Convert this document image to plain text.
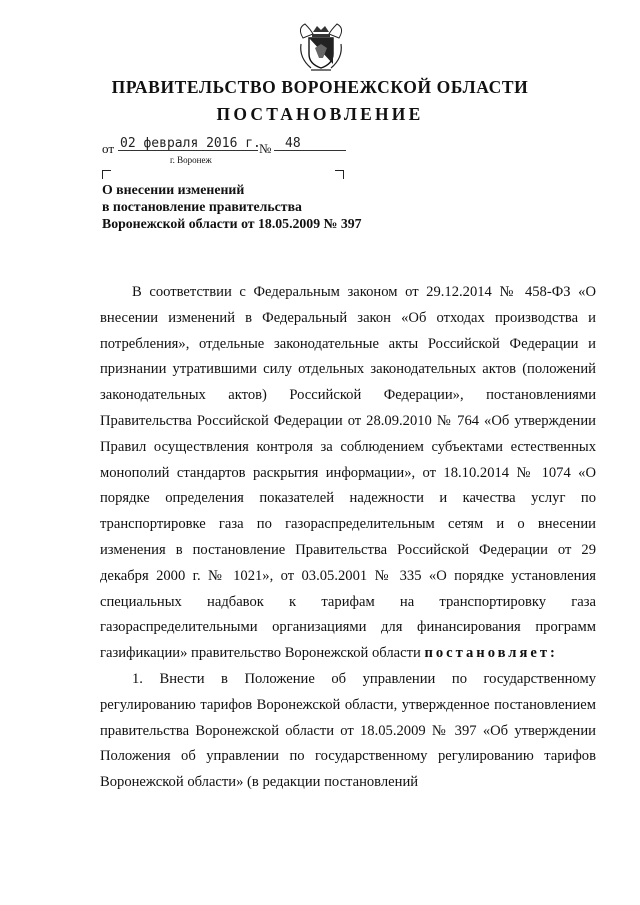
ПРАВИТЕЛЬСТВО ВОРОНЕЖСКОЙ ОБЛАСТИ
ПОСТАНОВЛЕНИЕ
от 02 февраля 2016 г.
№ 48
г. Воронеж
О внесении изменений
в постановление правительства
Воронежской области от 18.05.2009 № 397

В соответствии с Федеральным законом от 29.12.2014 № 458-ФЗ «О внесении изменений в Федеральный закон «Об отходах производства и потребления», отдельные законодательные акты Российской Федерации и признании утратившими силу отдельных законодательных актов (положений законодательных актов) Российской Федерации», постановлениями Правительства Российской Федерации от 28.09.2010 № 764 «Об утверждении Правил осуществления контроля за соблюдением субъектами естественных монополий стандартов раскрытия информации», от 18.10.2014 № 1074 «О порядке определения показателей надежности и качества услуг по транспортировке газа по газораспределительным сетям и о внесении изменения в постановление Правительства Российской Федерации от 29 декабря 2000 г. № 1021», от 03.05.2001 № 335 «О порядке установления специальных надбавок к тарифам на транспортировку газа газораспределительными организациями для финансирования программ газификации» правительство Воронежской области постановляет:

1. Внести в Положение об управлении по государственному регулированию тарифов Воронежской области, утвержденное постановлением правительства Воронежской области от 18.05.2009 № 397 «Об утверждении Положения об управлении по государственному регулированию тарифов Воронежской области» (в редакции постановлений
